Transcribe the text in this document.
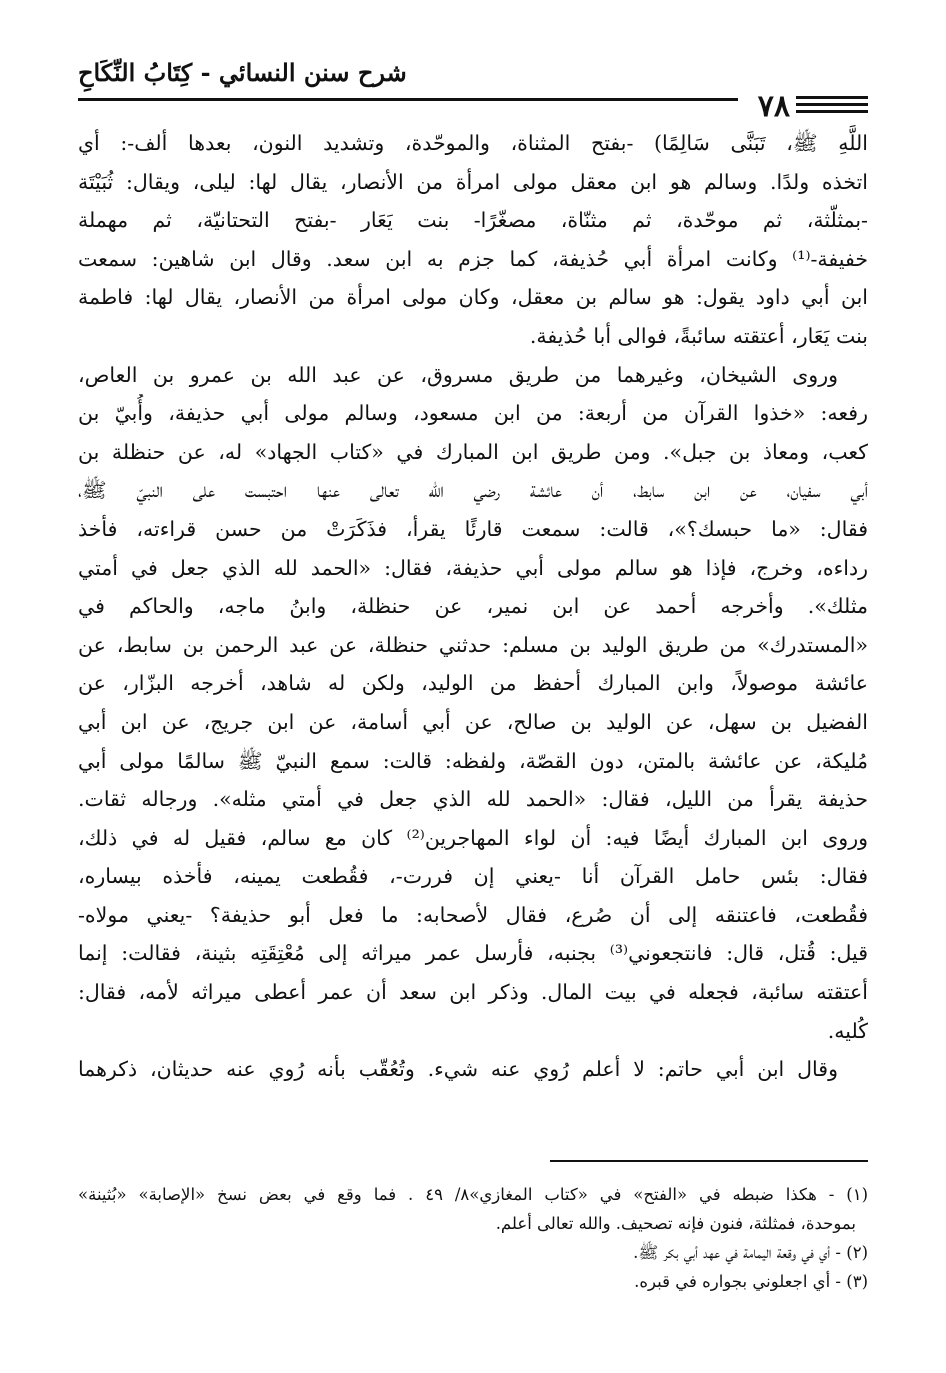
شرح سنن النسائي - كِتَابُ النِّكَاحِ
٧٨
اللَّهِ ﷺ، تَبَنَّى سَالِمًا) -بفتح المثناة، والموحّدة، وتشديد النون، بعدها ألف-: أي
اتخذه ولدًا. وسالم هو ابن معقل مولى امرأة من الأنصار، يقال لها: ليلى، ويقال: ثُبَيْتَة
-بمثلّثة، ثم موحّدة، ثم مثنّاة، مصغّرًا- بنت يَعَار -بفتح التحتانيّة، ثم مهملة
خفيفة-⁽¹⁾ وكانت امرأة أبي حُذيفة، كما جزم به ابن سعد. وقال ابن شاهين: سمعت
ابن أبي داود يقول: هو سالم بن معقل، وكان مولى امرأة من الأنصار، يقال لها: فاطمة
بنت يَعَار، أعتقته سائبةً، فوالى أبا حُذيفة.
وروى الشيخان، وغيرهما من طريق مسروق، عن عبد الله بن عمرو بن العاص،
رفعه: «خذوا القرآن من أربعة: من ابن مسعود، وسالم مولى أبي حذيفة، وأُبيّ بن
كعب، ومعاذ بن جبل». ومن طريق ابن المبارك في «كتاب الجهاد» له، عن حنظلة بن
أبي سفيان، عن ابن سابط، أن عائشة رضي الله تعالى عنها احتبست على النبيّ ﷺ،
فقال: «ما حبسك؟»، قالت: سمعت قارئًا يقرأ، فذَكَرَتْ من حسن قراءته، فأخذ
رداءه، وخرج، فإذا هو سالم مولى أبي حذيفة، فقال: «الحمد لله الذي جعل في أمتي
مثلك». وأخرجه أحمد عن ابن نمير، عن حنظلة، وابنُ ماجه، والحاكم في
«المستدرك» من طريق الوليد بن مسلم: حدثني حنظلة، عن عبد الرحمن بن سابط، عن
عائشة موصولاً، وابن المبارك أحفظ من الوليد، ولكن له شاهد، أخرجه البزّار، عن
الفضيل بن سهل، عن الوليد بن صالح، عن أبي أسامة، عن ابن جريج، عن ابن أبي
مُليكة، عن عائشة بالمتن، دون القصّة، ولفظه: قالت: سمع النبيّ ﷺ سالمًا مولى أبي
حذيفة يقرأ من الليل، فقال: «الحمد لله الذي جعل في أمتي مثله». ورجاله ثقات.
وروى ابن المبارك أيضًا فيه: أن لواء المهاجرين⁽²⁾ كان مع سالم، فقيل له في ذلك،
فقال: بئس حامل القرآن أنا -يعني إن فررت-، فقُطعت يمينه، فأخذه بيساره،
فقُطعت، فاعتنقه إلى أن صُرع، فقال لأصحابه: ما فعل أبو حذيفة؟ -يعني مولاه-
قيل: قُتل، قال: فانتجعوني⁽³⁾ بجنبه، فأرسل عمر ميراثه إلى مُعْتِقَتِه بثينة، فقالت: إنما
أعتقته سائبة، فجعله في بيت المال. وذكر ابن سعد أن عمر أعطى ميراثه لأمه، فقال:
كُليه.
وقال ابن أبي حاتم: لا أعلم رُوي عنه شيء. وتُعُقّب بأنه رُوي عنه حديثان، ذكرهما
(١) - هكذا ضبطه في «الفتح» في «كتاب المغازي»٨/ ٤٩ . فما وقع في بعض نسخ «الإصابة» «بُثينة»
بموحدة، فمثلثة، فنون فإنه تصحيف. والله تعالى أعلم.
(٢) - أي في وقعة اليمامة في عهد أبي بكر ﷺ.
(٣) - أي اجعلوني بجواره في قبره.
